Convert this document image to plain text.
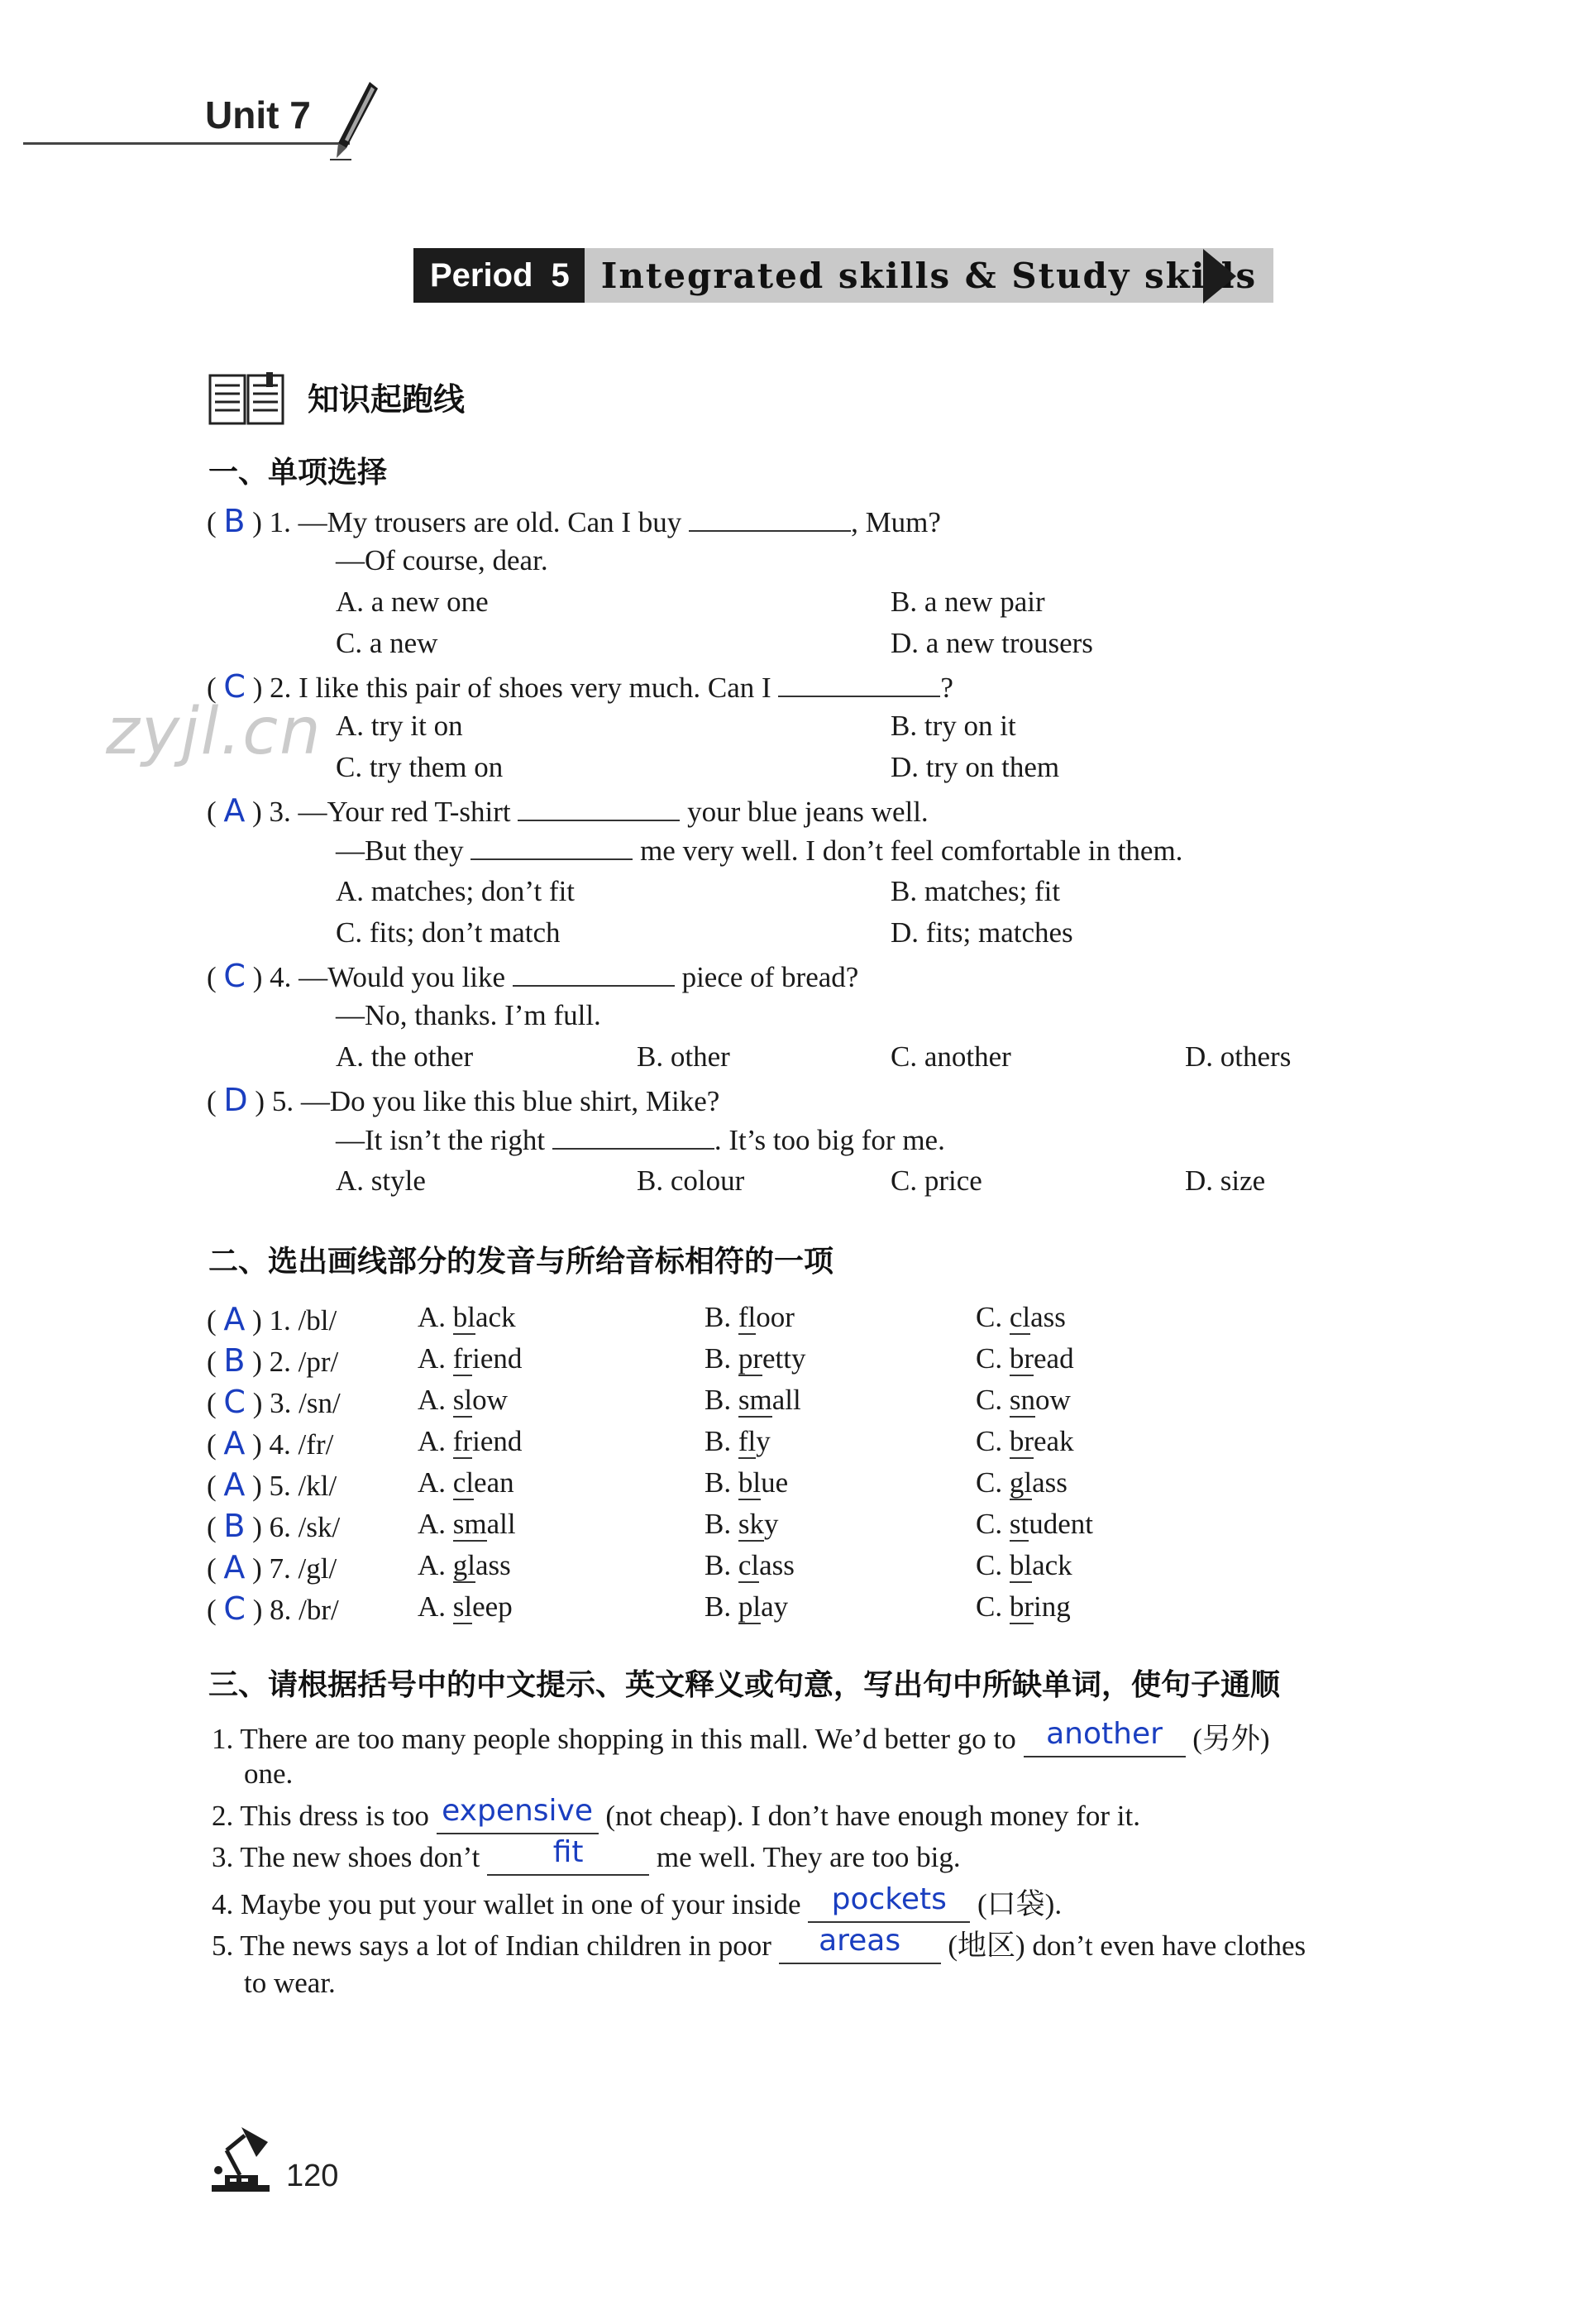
Unit 7
Period 5 Integrated skills & Study skills
知识起跑线
zyjl.cn
一、单项选择
( B ) 1. —My trousers are old. Can I buy	, Mum?
—Of course, dear.
A. a new one	B. a new pair
C. a new	D. a new trousers
( C ) 2. I like this pair of shoes very much. Can I	?
A. try it on	B. try on it
C. try them on	D. try on them
( A ) 3. —Your red T-shirt	your blue jeans well.
—But they	me very well. I don’t feel comfortable in them.
A. matches; don’t fit	B. matches; fit
C. fits; don’t match	D. fits; matches
( C ) 4. —Would you like	piece of bread?
—No, thanks. I’m full.
A. the other	B. other	C. another	D. others
( D ) 5. —Do you like this blue shirt, Mike?
—It isn’t the right	. It’s too big for me.
A. style	B. colour	C. price	D. size
二、选出画线部分的发音与所给音标相符的一项
( A ) 1. /bl/	A. black	B. floor	C. class
( B ) 2. /pr/	A. friend	B. pretty	C. bread
( C ) 3. /sn/	A. slow	B. small	C. snow
( A ) 4. /fr/	A. friend	B. fly	C. break
( A ) 5. /kl/	A. clean	B. blue	C. glass
( B ) 6. /sk/	A. small	B. sky	C. student
( A ) 7. /gl/	A. glass	B. class	C. black
( C ) 8. /br/	A. sleep	B. play	C. bring
三、请根据括号中的中文提示、英文释义或句意，写出句中所缺单词，使句子通顺
1. There are too many people shopping in this mall. We’d better go to another (另外)
one.
2. This dress is too expensive (not cheap). I don’t have enough money for it.
3. The new shoes don’t fit	me well. They are too big.
4. Maybe you put your wallet in one of your inside pockets (口袋).
5. The news says a lot of Indian children in poor areas (地区) don’t even have clothes
to wear.
120
